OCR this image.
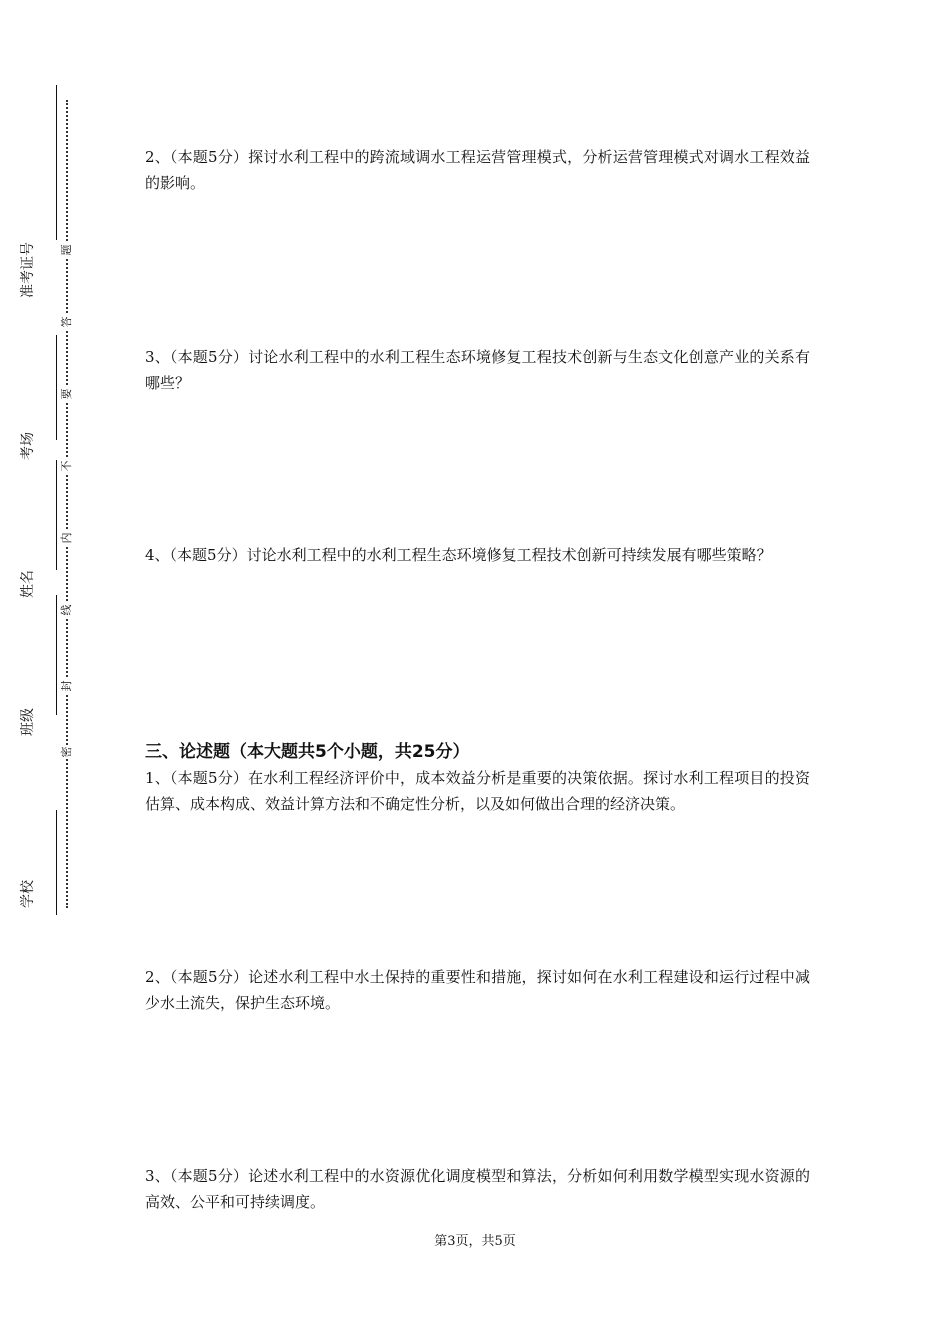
学校
班级
姓名
考场
准考证号
密
封
线
内
不
要
答
题
2、（本题5分）探讨水利工程中的跨流域调水工程运营管理模式，分析运营管理模式对调水工程效益的影响。
3、（本题5分）讨论水利工程中的水利工程生态环境修复工程技术创新与生态文化创意产业的关系有哪些？
4、（本题5分）讨论水利工程中的水利工程生态环境修复工程技术创新可持续发展有哪些策略？
三、论述题（本大题共5个小题，共25分）
1、（本题5分）在水利工程经济评价中，成本效益分析是重要的决策依据。探讨水利工程项目的投资估算、成本构成、效益计算方法和不确定性分析，以及如何做出合理的经济决策。
2、（本题5分）论述水利工程中水土保持的重要性和措施，探讨如何在水利工程建设和运行过程中减少水土流失，保护生态环境。
3、（本题5分）论述水利工程中的水资源优化调度模型和算法，分析如何利用数学模型实现水资源的高效、公平和可持续调度。
第3页，共5页
